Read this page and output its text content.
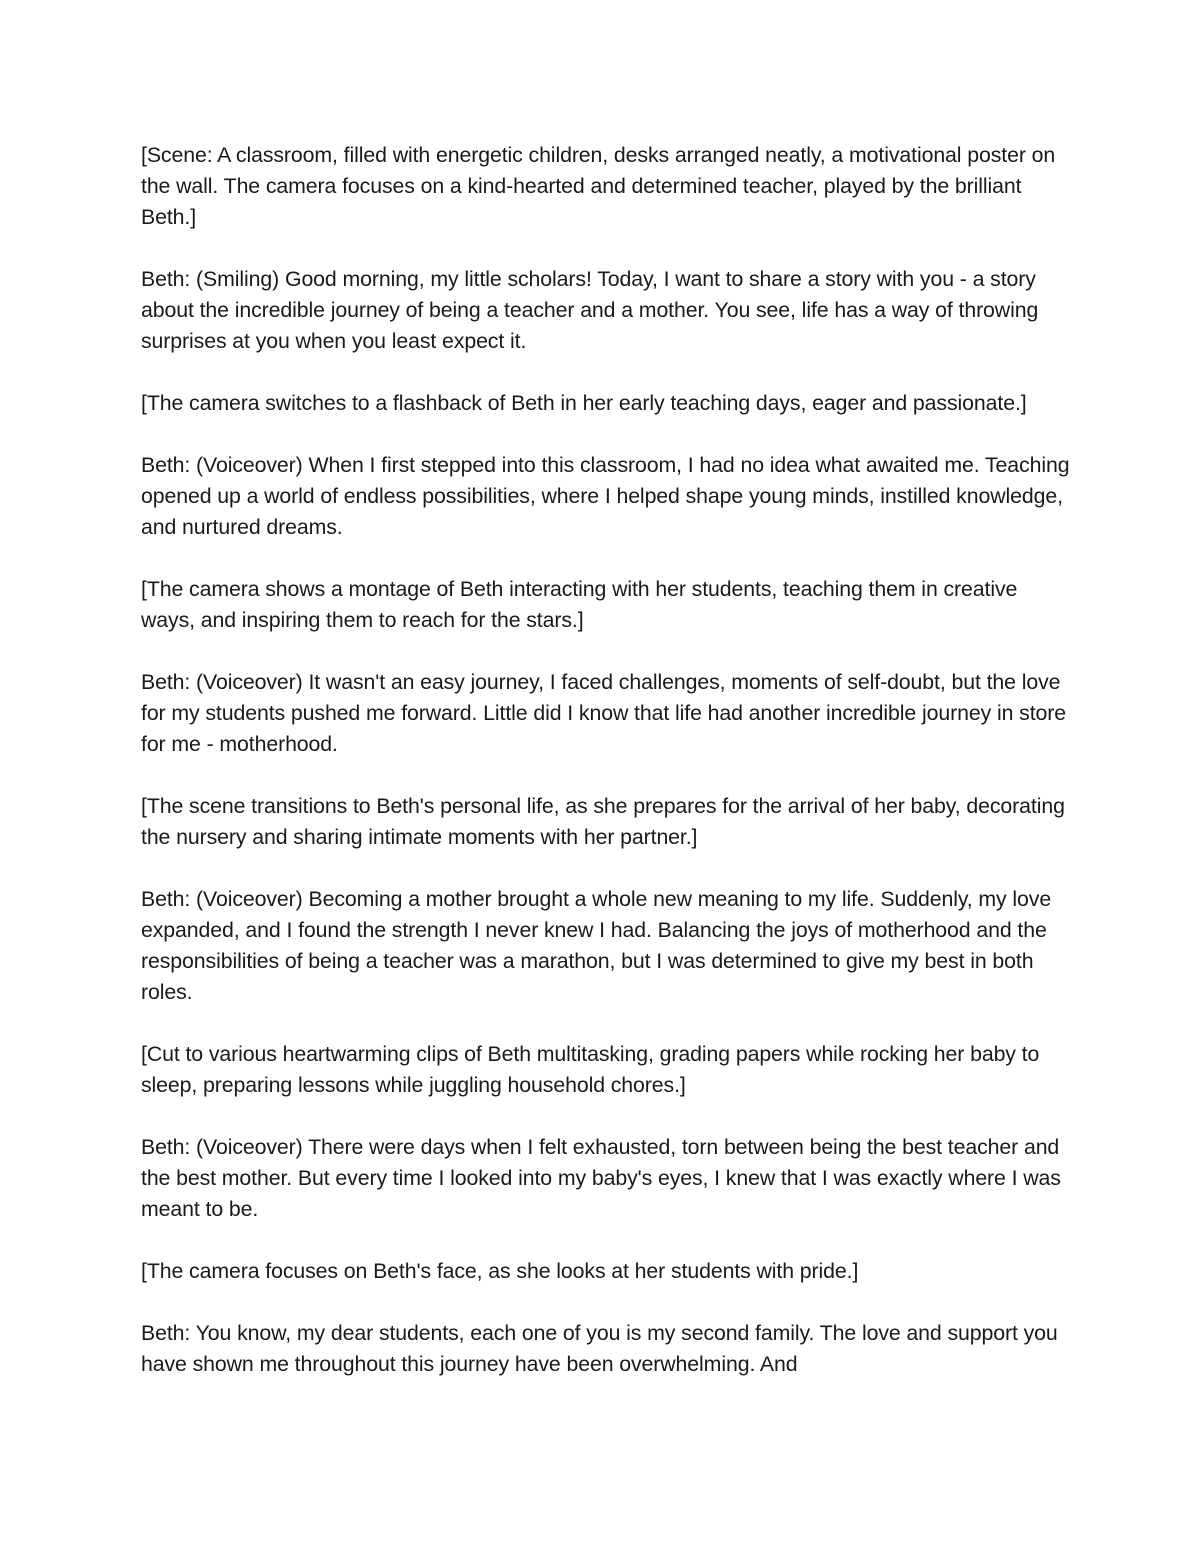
[Scene: A classroom, filled with energetic children, desks arranged neatly, a motivational poster on the wall. The camera focuses on a kind-hearted and determined teacher, played by the brilliant Beth.]

Beth: (Smiling) Good morning, my little scholars! Today, I want to share a story with you - a story about the incredible journey of being a teacher and a mother. You see, life has a way of throwing surprises at you when you least expect it.

[The camera switches to a flashback of Beth in her early teaching days, eager and passionate.]

Beth: (Voiceover) When I first stepped into this classroom, I had no idea what awaited me. Teaching opened up a world of endless possibilities, where I helped shape young minds, instilled knowledge, and nurtured dreams.

[The camera shows a montage of Beth interacting with her students, teaching them in creative ways, and inspiring them to reach for the stars.]

Beth: (Voiceover) It wasn't an easy journey, I faced challenges, moments of self-doubt, but the love for my students pushed me forward. Little did I know that life had another incredible journey in store for me - motherhood.

[The scene transitions to Beth's personal life, as she prepares for the arrival of her baby, decorating the nursery and sharing intimate moments with her partner.]

Beth: (Voiceover) Becoming a mother brought a whole new meaning to my life. Suddenly, my love expanded, and I found the strength I never knew I had. Balancing the joys of motherhood and the responsibilities of being a teacher was a marathon, but I was determined to give my best in both roles.

[Cut to various heartwarming clips of Beth multitasking, grading papers while rocking her baby to sleep, preparing lessons while juggling household chores.]

Beth: (Voiceover) There were days when I felt exhausted, torn between being the best teacher and the best mother. But every time I looked into my baby's eyes, I knew that I was exactly where I was meant to be.

[The camera focuses on Beth's face, as she looks at her students with pride.]

Beth: You know, my dear students, each one of you is my second family. The love and support you have shown me throughout this journey have been overwhelming. And
